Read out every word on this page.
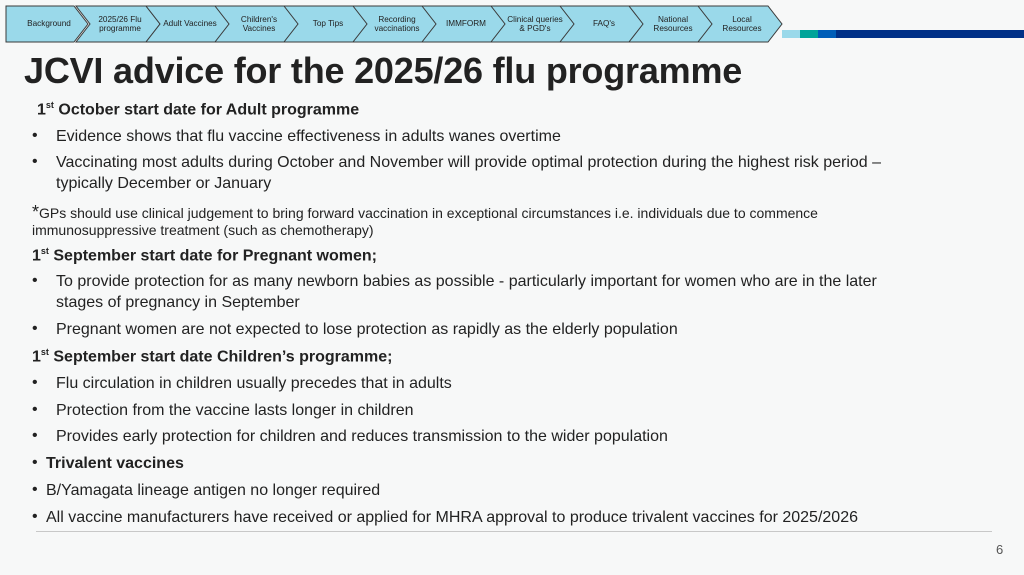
Background
2025/26 Flu programme
Adult Vaccines
Children's Vaccines
Top Tips
Recording vaccinations
IMMFORM
Clinical queries & PGD's
FAQ's
National Resources
Local Resources
JCVI advice for the 2025/26 flu programme
1st October start date for Adult programme
• Evidence shows that flu vaccine effectiveness in adults wanes overtime
• Vaccinating most adults during October and November will provide optimal protection during the highest risk period –
typically December or January
*GPs should use clinical judgement to bring forward vaccination in exceptional circumstances i.e. individuals due to commence
immunosuppressive treatment (such as chemotherapy)
1st September start date for Pregnant women;
• To provide protection for as many newborn babies as possible - particularly important for women who are in the later
stages of pregnancy in September
• Pregnant women are not expected to lose protection as rapidly as the elderly population
1st September start date Children’s programme;
• Flu circulation in children usually precedes that in adults
• Protection from the vaccine lasts longer in children
• Provides early protection for children and reduces transmission to the wider population
• Trivalent vaccines
• B/Yamagata lineage antigen no longer required
• All vaccine manufacturers have received or applied for MHRA approval to produce trivalent vaccines for 2025/2026
6
